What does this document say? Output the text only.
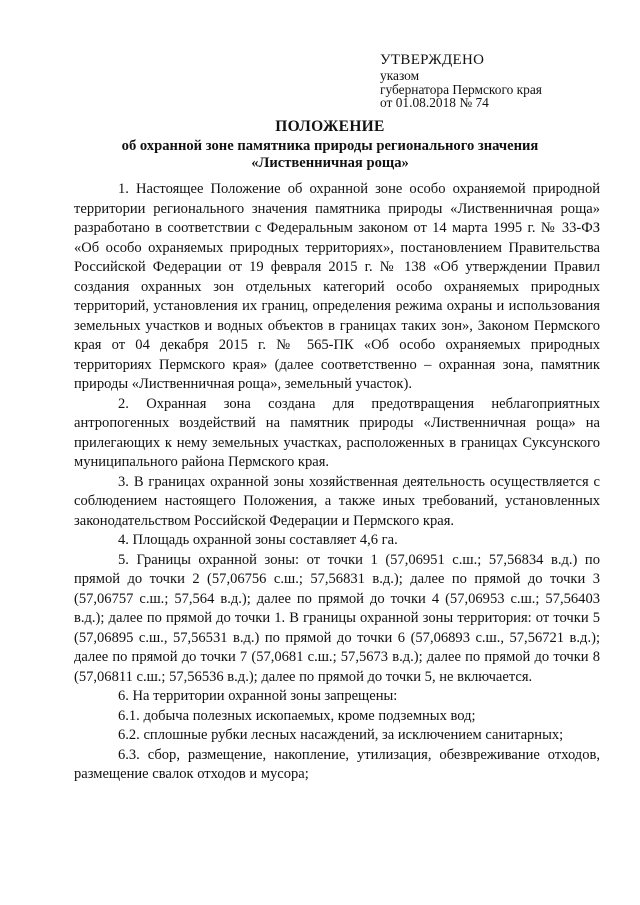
УТВЕРЖДЕНО
указом
губернатора Пермского края
от 01.08.2018 № 74
ПОЛОЖЕНИЕ
об охранной зоне памятника природы регионального значения
«Лиственничная роща»

1. Настоящее Положение об охранной зоне особо охраняемой природной территории регионального значения памятника природы «Лиственничная роща» разработано в соответствии с Федеральным законом от 14 марта 1995 г. № 33-ФЗ «Об особо охраняемых природных территориях», постановлением Правительства Российской Федерации от 19 февраля 2015 г. № 138 «Об утверждении Правил создания охранных зон отдельных категорий особо охраняемых природных территорий, установления их границ, определения режима охраны и использования земельных участков и водных объектов в границах таких зон», Законом Пермского края от 04 декабря 2015 г. № 565-ПК «Об особо охраняемых природных территориях Пермского края» (далее соответственно – охранная зона, памятник природы «Лиственничная роща», земельный участок).

2. Охранная зона создана для предотвращения неблагоприятных антропогенных воздействий на памятник природы «Лиственничная роща» на прилегающих к нему земельных участках, расположенных в границах Суксунского муниципального района Пермского края.

3. В границах охранной зоны хозяйственная деятельность осуществляется с соблюдением настоящего Положения, а также иных требований, установленных законодательством Российской Федерации и Пермского края.

4. Площадь охранной зоны составляет 4,6 га.

5. Границы охранной зоны: от точки 1 (57,06951 с.ш.; 57,56834 в.д.) по прямой до точки 2 (57,06756 с.ш.; 57,56831 в.д.); далее по прямой до точки 3 (57,06757 с.ш.; 57,564 в.д.); далее по прямой до точки 4 (57,06953 с.ш.; 57,56403 в.д.); далее по прямой до точки 1. В границы охранной зоны территория: от точки 5 (57,06895 с.ш., 57,56531 в.д.) по прямой до точки 6 (57,06893 с.ш., 57,56721 в.д.); далее по прямой до точки 7 (57,0681 с.ш.; 57,5673 в.д.); далее по прямой до точки 8 (57,06811 с.ш.; 57,56536 в.д.); далее по прямой до точки 5, не включается.

6. На территории охранной зоны запрещены:

6.1. добыча полезных ископаемых, кроме подземных вод;

6.2. сплошные рубки лесных насаждений, за исключением санитарных;

6.3. сбор, размещение, накопление, утилизация, обезвреживание отходов, размещение свалок отходов и мусора;
